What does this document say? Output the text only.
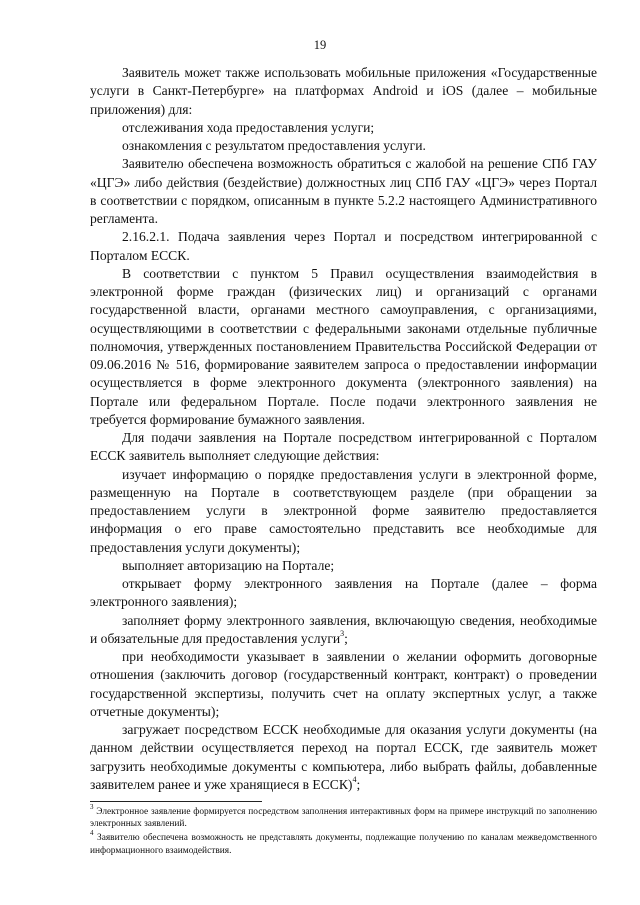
19

Заявитель может также использовать мобильные приложения «Государственные услуги в Санкт-Петербурге» на платформах Android и iOS (далее – мобильные приложения) для:

отслеживания хода предоставления услуги;

ознакомления с результатом предоставления услуги.

Заявителю обеспечена возможность обратиться с жалобой на решение СПб ГАУ «ЦГЭ» либо действия (бездействие) должностных лиц СПб ГАУ «ЦГЭ» через Портал в соответствии с порядком, описанным в пункте 5.2.2 настоящего Административного регламента.

2.16.2.1. Подача заявления через Портал и посредством интегрированной с Порталом ЕССК.

В соответствии с пунктом 5 Правил осуществления взаимодействия в электронной форме граждан (физических лиц) и организаций с органами государственной власти, органами местного самоуправления, с организациями, осуществляющими в соответствии с федеральными законами отдельные публичные полномочия, утвержденных постановлением Правительства Российской Федерации от 09.06.2016 № 516, формирование заявителем запроса о предоставлении информации осуществляется в форме электронного документа (электронного заявления) на Портале или федеральном Портале. После подачи электронного заявления не требуется формирование бумажного заявления.

Для подачи заявления на Портале посредством интегрированной с Порталом ЕССК заявитель выполняет следующие действия:

изучает информацию о порядке предоставления услуги в электронной форме, размещенную на Портале в соответствующем разделе (при обращении за предоставлением услуги в электронной форме заявителю предоставляется информация о его праве самостоятельно представить все необходимые для предоставления услуги документы);

выполняет авторизацию на Портале;

открывает форму электронного заявления на Портале (далее – форма электронного заявления);

заполняет форму электронного заявления, включающую сведения, необходимые и обязательные для предоставления услуги$^3$;

при необходимости указывает в заявлении о желании оформить договорные отношения (заключить договор (государственный контракт, контракт) о проведении государственной экспертизы, получить счет на оплату экспертных услуг, а также отчетные документы);

загружает посредством ЕССК необходимые для оказания услуги документы (на данном действии осуществляется переход на портал ЕССК, где заявитель может загрузить необходимые документы с компьютера, либо выбрать файлы, добавленные заявителем ранее и уже хранящиеся в ЕССК)$^4$;

$^3$ Электронное заявление формируется посредством заполнения интерактивных форм на примере инструкций по заполнению электронных заявлений.

$^4$ Заявителю обеспечена возможность не представлять документы, подлежащие получению по каналам межведомственного информационного взаимодействия.
